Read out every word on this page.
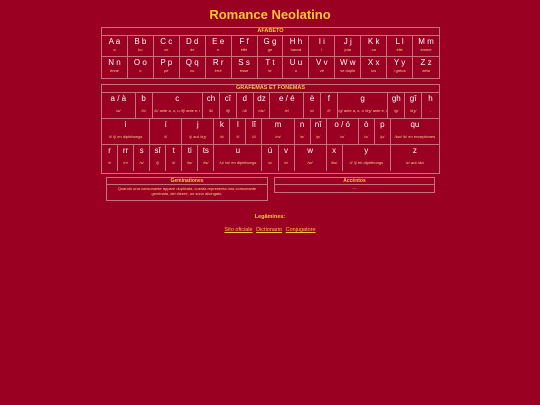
Romance Neolatino
AFABETO
A a
a
B b
bo
C c
ce
D d
de
E e
e
F f
èffe
G g
ge
H h
hacca
I i
i
J j
jota
K k
ca
L l
èlle
M m
èmme
N n
ènne
O o
o
P p
pe
Q q
cu
R r
èrre
S s
èsse
T t
te
U u
u
V v
ve
W w
ve dople
X x
ics
Y y
i grèca
Z z
zèta
GRAFÈMAS ET FONÈMAS
a / à
/a/
b
/b/
c
/k/ ante a, o, u /tʃ/ ante e, i
ch
/k/
cî
/tʃ/
d
/d/
dz
/dz/
e / é
/e/
è
/ɛ/
f
/f/
g
/g/ ante a, o, u /dʒ/ ante e, i
gh
/g/
gî
/dʒ/
h
-
i
/i/ /j/ en diphthongs
í
/i/
j
/j/ aut /dʒ/
k
/k/
l
/l/
lî
/ʎ/
m
/m/
n
/n/
nî
/ɲ/
o / ó
/o/
ò
/ɔ/
p
/p/
qu
/kw/ /k/ en exceptiones
r
/r/
rr
/rr/
s
/s/
sî
/ʃ/
t
/t/
ti
/ts/
ts
/ts/
u
/u/ /w/ en diphthongs
ú
/u/
v
/v/
w
/w/
x
/ks/
y
/i/ /j/ en diphthongs
z
/z/ aut /dz/
Geminationes
Quando una consonante appare duplicata, cuesta representa una consonante geminata, dei dicere, un sono allongato.
Accèntos
—
Legâmines:
Sito oficiale Dictionario Conjugatore
